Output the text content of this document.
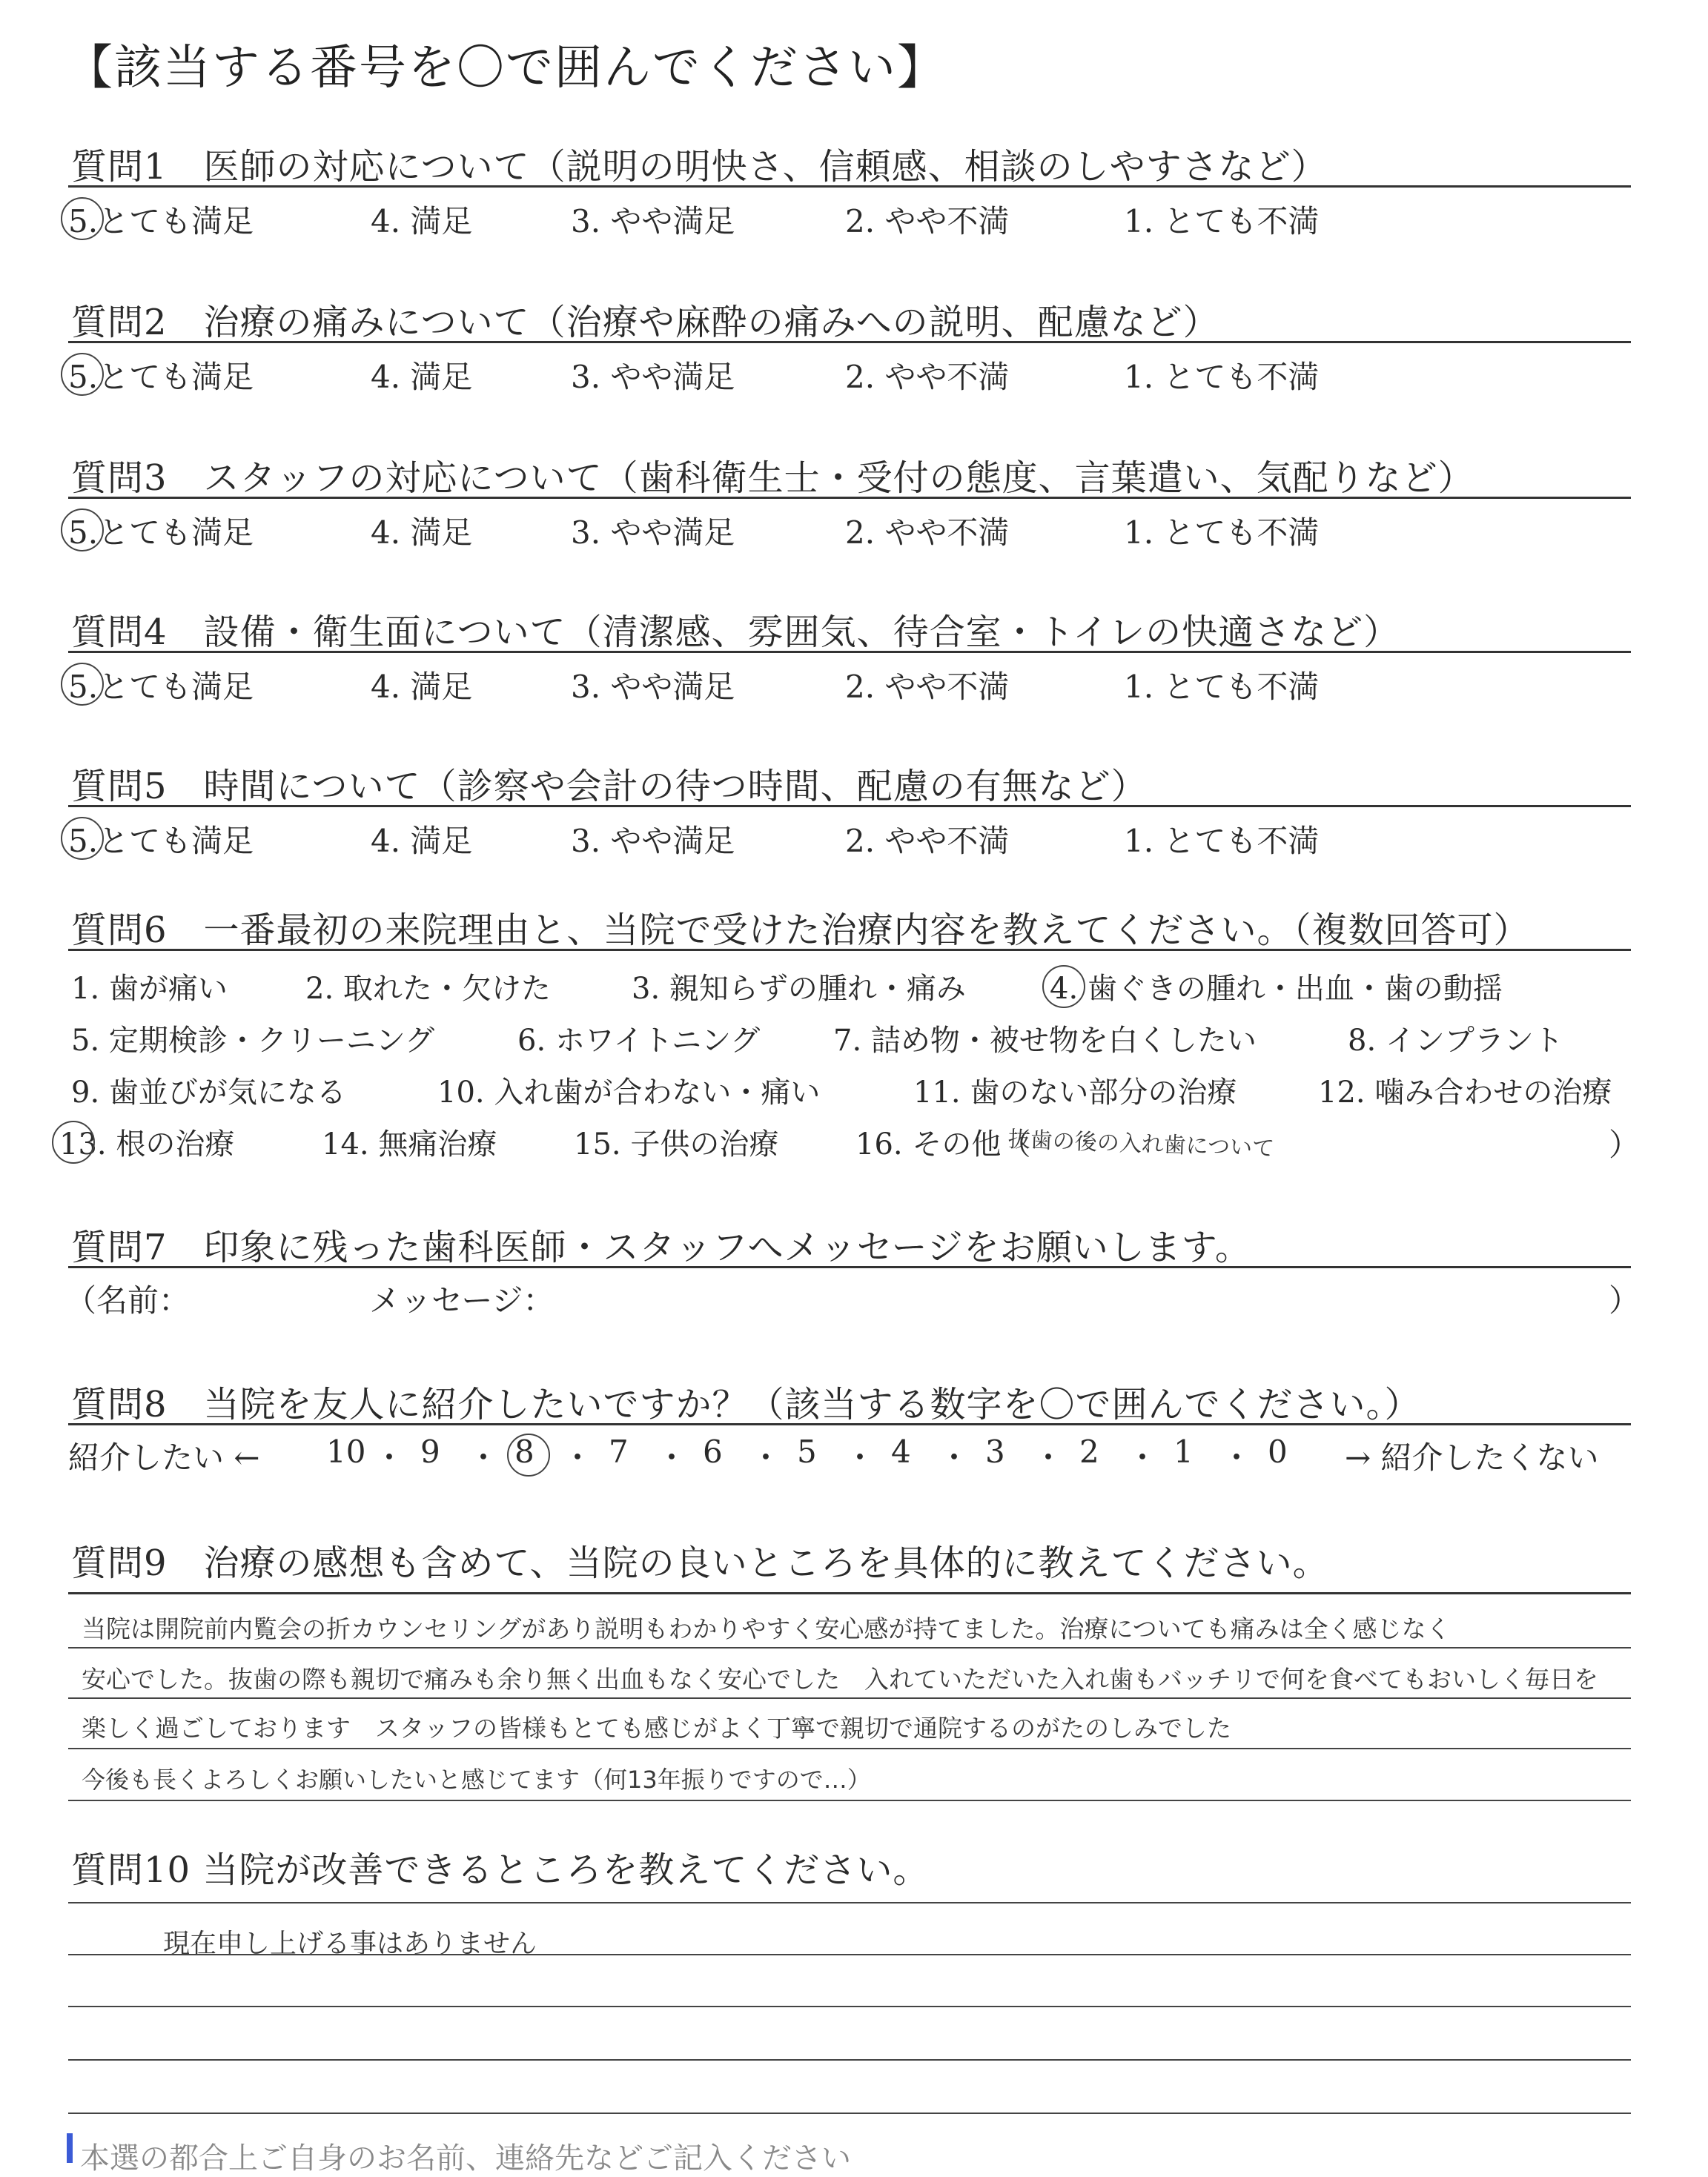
【該当する番号を〇で囲んでください】
質問1　医師の対応について（説明の明快さ、信頼感、相談のしやすさなど）
5.とても満足	4. 満足	3. やや満足	2. やや不満	1. とても不満
質問2　治療の痛みについて（治療や麻酔の痛みへの説明、配慮など）
5.とても満足	4. 満足	3. やや満足	2. やや不満	1. とても不満
質問3　スタッフの対応について（歯科衛生士・受付の態度、言葉遣い、気配りなど）
5.とても満足	4. 満足	3. やや満足	2. やや不満	1. とても不満
質問4　設備・衛生面について（清潔感、雰囲気、待合室・トイレの快適さなど）
5.とても満足	4. 満足	3. やや満足	2. やや不満	1. とても不満
質問5　時間について（診察や会計の待つ時間、配慮の有無など）
5.とても満足	4. 満足	3. やや満足	2. やや不満	1. とても不満
質問6　一番最初の来院理由と、当院で受けた治療内容を教えてください。（複数回答可）
1. 歯が痛い	2. 取れた・欠けた	3. 親知らずの腫れ・痛み	4. 歯ぐきの腫れ・出血・歯の動揺
5. 定期検診・クリーニング	6. ホワイトニング 7. 詰め物・被せ物を白くしたい	8. インプラント
9. 歯並びが気になる	10. 入れ歯が合わない・痛い	11. 歯のない部分の治療	12. 噛み合わせの治療
13. 根の治療	14. 無痛治療	15. 子供の治療	16. その他（
抜歯の後の入れ歯について	）
質問7　印象に残った歯科医師・スタッフへメッセージをお願いします。
（名前：	メッセージ：	）
質問8　当院を友人に紹介したいですか？（該当する数字を〇で囲んでください。）
紹介したい ← 10 ・ 9 ・ 8 ・ 7 ・ 6 ・ 5 ・ 4 ・ 3 ・ 2 ・ 1 ・ 0 → 紹介したくない
質問9　治療の感想も含めて、当院の良いところを具体的に教えてください。
当院は開院前内覧会の折カウンセリングがあり説明もわかりやすく安心感が持てました。治療についても痛みは全く感じなく
安心でした。抜歯の際も親切で痛みも余り無く出血もなく安心でした　入れていただいた入れ歯もバッチリで何を食べてもおいしく毎日を
楽しく過ごしております　スタッフの皆様もとても感じがよく丁寧で親切で通院するのがたのしみでした
今後も長くよろしくお願いしたいと感じてます（何13年振りですので…）
質問10 当院が改善できるところを教えてください。
現在申し上げる事はありません
本選の都合上ご自身のお名前、連絡先などご記入ください
